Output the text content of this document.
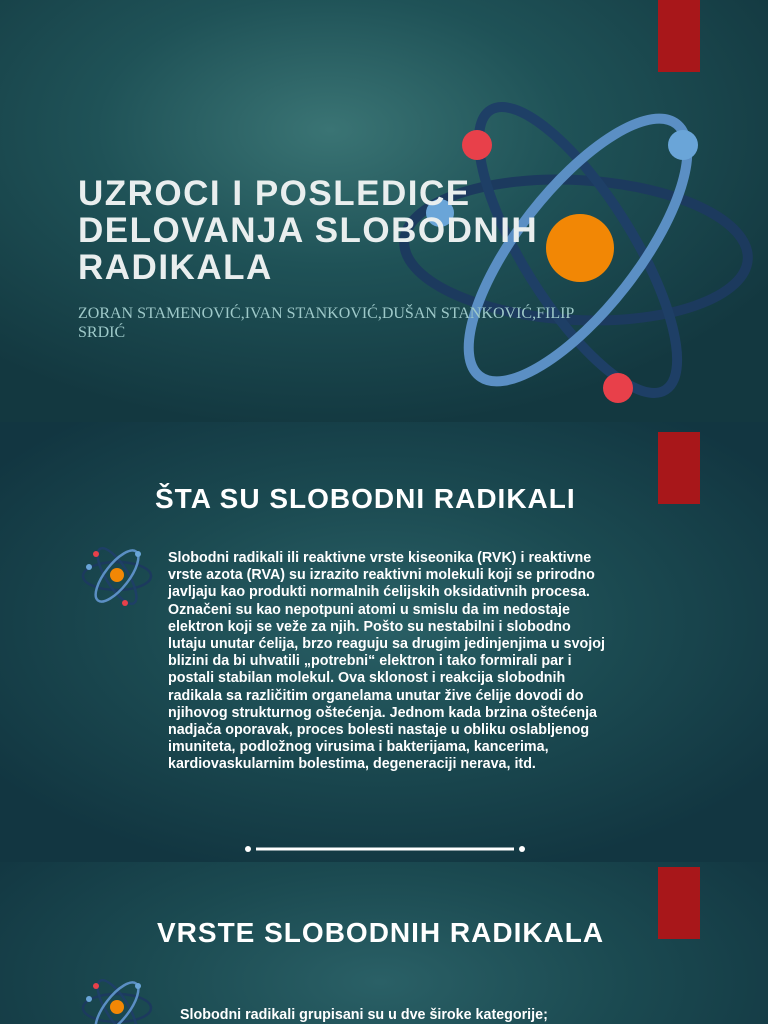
UZROCI I POSLEDICE DELOVANJA SLOBODNIH RADIKALA

ZORAN STAMENOVIĆ,IVAN STANKOVIĆ,DUŠAN STANKOVIĆ,FILIP SRDIĆ

ŠTA SU SLOBODNI RADIKALI

Slobodni radikali ili reaktivne vrste kiseonika (RVK) i reaktivne vrste azota (RVA) su izrazito reaktivni molekuli koji se prirodno javljaju kao produkti normalnih ćelijskih oksidativnih procesa. Označeni su kao nepotpuni atomi u smislu da im nedostaje elektron koji se veže za njih. Pošto su nestabilni i slobodno lutaju unutar ćelija, brzo reaguju sa drugim jedinjenjima u svojoj blizini da bi uhvatili „potrebni“ elektron i tako formirali par i postali stabilan molekul. Ova sklonost i reakcija slobodnih radikala sa različitim organelama unutar žive ćelije dovodi do njihovog strukturnog oštećenja. Jednom kada brzina oštećenja nadjača oporavak, proces bolesti nastaje u obliku oslabljenog imuniteta, podložnog virusima i bakterijama, kancerima, kardiovaskularnim bolestima, degeneraciji nerava, itd.

VRSTE SLOBODNIH RADIKALA

Slobodni radikali grupisani su u dve široke kategorije;
